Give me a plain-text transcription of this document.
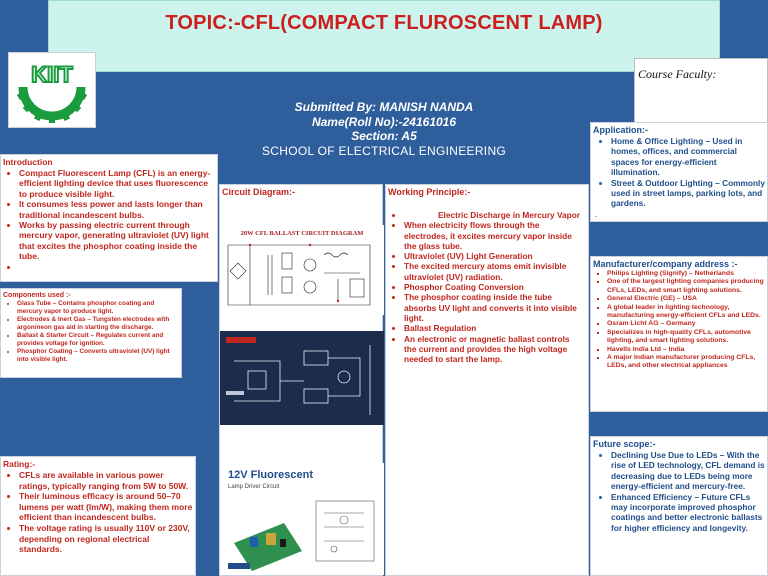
TOPIC:-CFL(COMPACT FLUROSCENT LAMP)
KIIT	Course Faculty:
Submitted By: MANISH NANDA
Name(Roll No):-24161016
Section: A5
SCHOOL OF ELECTRICAL ENGINEERING
Introduction
• Compact Fluorescent Lamp (CFL) is an energy-efficient lighting device that uses fluorescence to produce visible light.
• It consumes less power and lasts longer than traditional incandescent bulbs.
• Works by passing electric current through mercury vapor, generating ultraviolet (UV) light that excites the phosphor coating inside the tube.
•
Components used :-
• Glass Tube – Contains phosphor coating and mercury vapor to produce light.
• Electrodes & Inert Gas – Tungsten electrodes with argon/neon gas aid in starting the discharge.
• Ballast & Starter Circuit – Regulates current and provides voltage for ignition.
• Phosphor Coating – Converts ultraviolet (UV) light into visible light.
Rating:-
• CFLs are available in various power ratings, typically ranging from 5W to 50W.
• Their luminous efficacy is around 50–70 lumens per watt (lm/W), making them more efficient than incandescent bulbs.
• The voltage rating is usually 110V or 230V, depending on regional electrical standards.
Circuit Diagram:-
20W CFL BALLAST CIRCUIT DIAGRAM
12V Fluorescent
Lamp Driver Circuit
Working Principle:-
• Electric Discharge in Mercury Vapor
• When electricity flows through the electrodes, it excites mercury vapor inside the glass tube.
• Ultraviolet (UV) Light Generation
• The excited mercury atoms emit invisible ultraviolet (UV) radiation.
• Phosphor Coating Conversion
• The phosphor coating inside the tube absorbs UV light and converts it into visible light.
• Ballast Regulation
• An electronic or magnetic ballast controls the current and provides the high voltage needed to start the lamp.
Application:-
• Home & Office Lighting – Used in homes, offices, and commercial spaces for energy-efficient illumination.
• Street & Outdoor Lighting – Commonly used in street lamps, parking lots, and gardens.
.
Manufacturer/company address :-
▪ Philips Lighting (Signify) – Netherlands
▪ One of the largest lighting companies producing CFLs, LEDs, and smart lighting solutions.
▪ General Electric (GE) – USA
▪ A global leader in lighting technology, manufacturing energy-efficient CFLs and LEDs.
▪ Osram Licht AG – Germany
▪ Specializes in high-quality CFLs, automotive lighting, and smart lighting solutions.
▪ Havells India Ltd – India
▪ A major Indian manufacturer producing CFLs, LEDs, and other electrical appliances
Future scope:-
• Declining Use Due to LEDs – With the rise of LED technology, CFL demand is decreasing due to LEDs being more energy-efficient and mercury-free.
• Enhanced Efficiency – Future CFLs may incorporate improved phosphor coatings and better electronic ballasts for higher efficiency and longevity.
